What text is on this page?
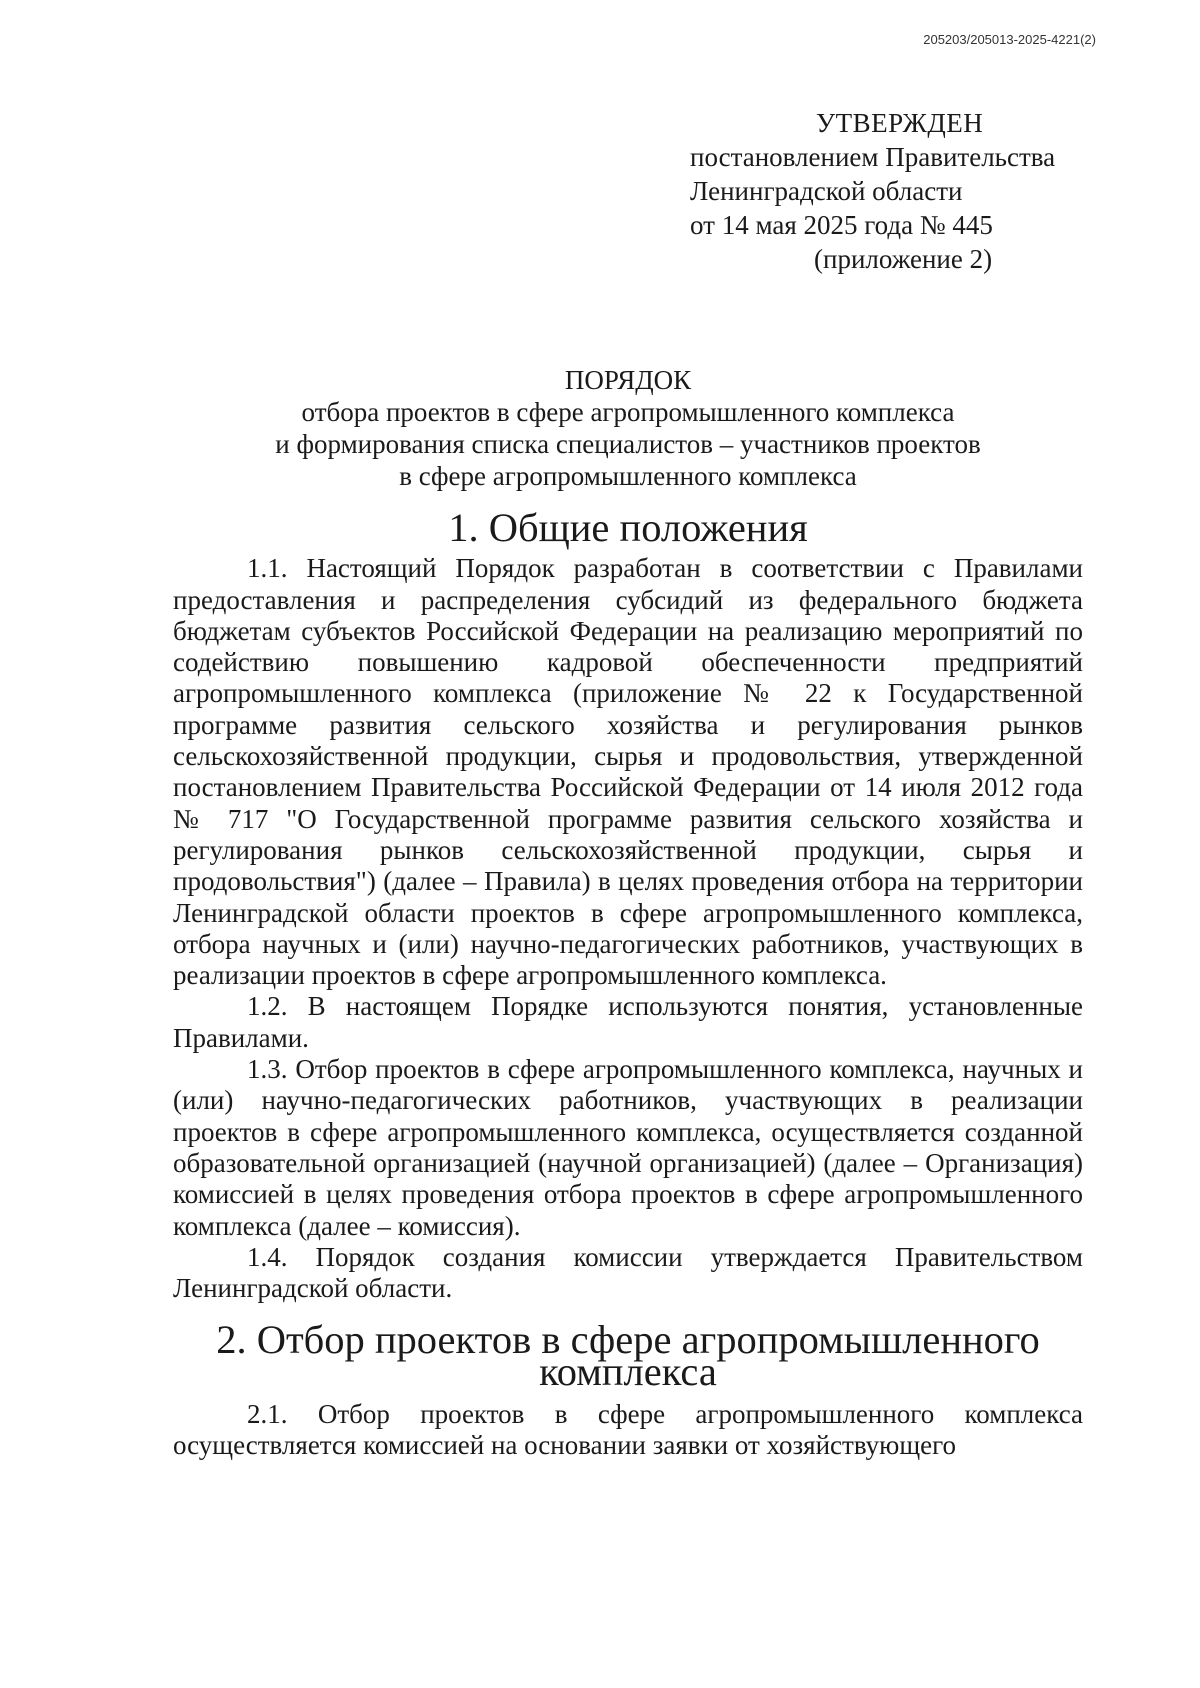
205203/205013-2025-4221(2)
УТВЕРЖДЕН
постановлением Правительства
Ленинградской области
от 14 мая 2025 года № 445
(приложение 2)
ПОРЯДОК
отбора проектов в сфере агропромышленного комплекса
и формирования списка специалистов – участников проектов
в сфере агропромышленного комплекса
1. Общие положения

1.1. Настоящий Порядок разработан в соответствии с Правилами предоставления и распределения субсидий из федерального бюджета бюджетам субъектов Российской Федерации на реализацию мероприятий по содействию повышению кадровой обеспеченности предприятий агропромышленного комплекса (приложение № 22 к Государственной программе развития сельского хозяйства и регулирования рынков сельскохозяйственной продукции, сырья и продовольствия, утвержденной постановлением Правительства Российской Федерации от 14 июля 2012 года № 717 "О Государственной программе развития сельского хозяйства и регулирования рынков сельскохозяйственной продукции, сырья и продовольствия") (далее – Правила) в целях проведения отбора на территории Ленинградской области проектов в сфере агропромышленного комплекса, отбора научных и (или) научно-педагогических работников, участвующих в реализации проектов в сфере агропромышленного комплекса.

1.2. В настоящем Порядке используются понятия, установленные Правилами.

1.3. Отбор проектов в сфере агропромышленного комплекса, научных и (или) научно-педагогических работников, участвующих в реализации проектов в сфере агропромышленного комплекса, осуществляется созданной образовательной организацией (научной организацией) (далее – Организация) комиссией в целях проведения отбора проектов в сфере агропромышленного комплекса (далее – комиссия).

1.4. Порядок создания комиссии утверждается Правительством Ленинградской области.

2. Отбор проектов в сфере агропромышленного комплекса

2.1. Отбор проектов в сфере агропромышленного комплекса осуществляется комиссией на основании заявки от хозяйствующего
